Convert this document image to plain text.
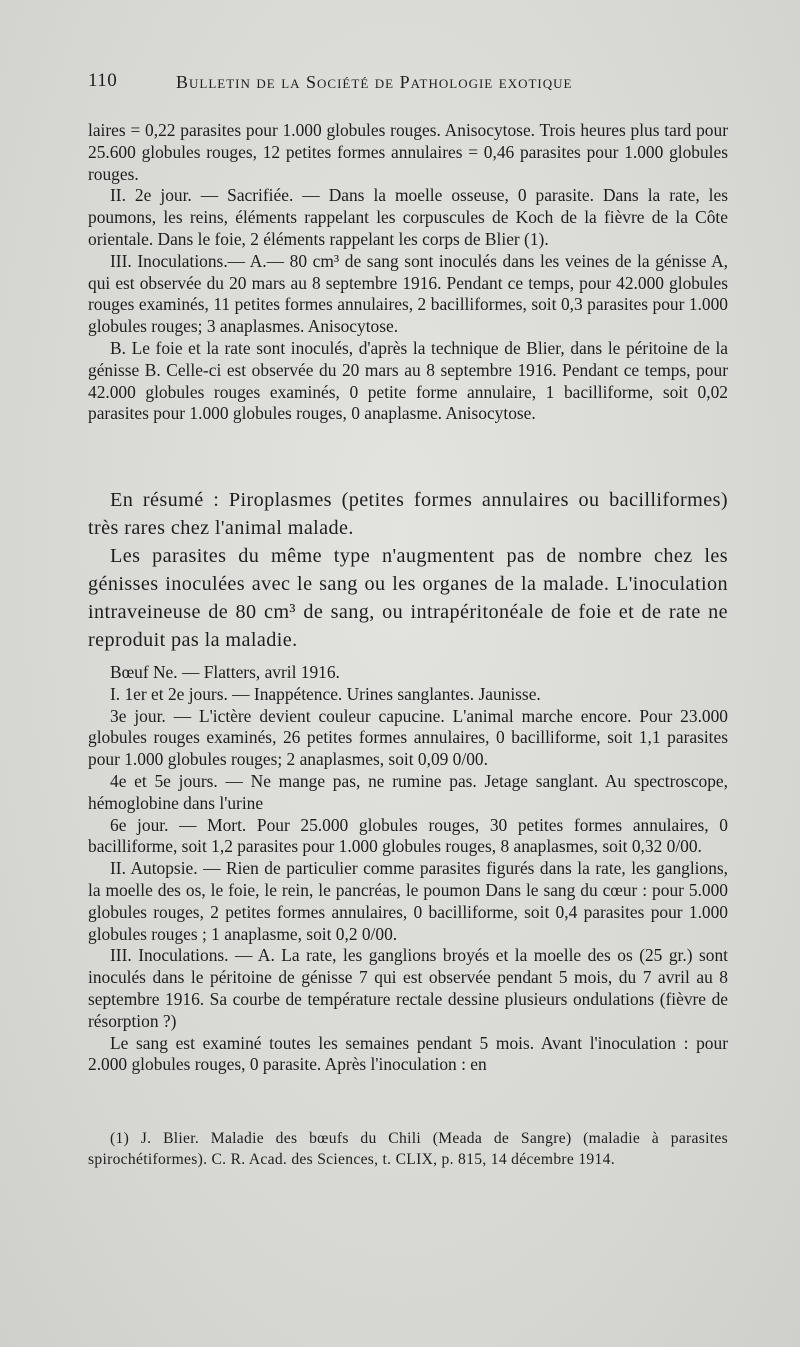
110	Bulletin de la Société de Pathologie exotique

laires = 0,22 parasites pour 1.000 globules rouges. Anisocytose. Trois heures plus tard pour 25.600 globules rouges, 12 petites formes annulaires = 0,46 parasites pour 1.000 globules rouges.

II. 2e jour. — Sacrifiée. — Dans la moelle osseuse, 0 parasite. Dans la rate, les poumons, les reins, éléments rappelant les corpuscules de Koch de la fièvre de la Côte orientale. Dans le foie, 2 éléments rappelant les corps de Blier (1).

III. Inoculations.— A.— 80 cm³ de sang sont inoculés dans les veines de la génisse A, qui est observée du 20 mars au 8 septembre 1916. Pendant ce temps, pour 42.000 globules rouges examinés, 11 petites formes annulaires, 2 bacilliformes, soit 0,3 parasites pour 1.000 globules rouges; 3 anaplasmes. Anisocytose.

B. Le foie et la rate sont inoculés, d'après la technique de Blier, dans le péritoine de la génisse B. Celle-ci est observée du 20 mars au 8 septembre 1916. Pendant ce temps, pour 42.000 globules rouges examinés, 0 petite forme annulaire, 1 bacilliforme, soit 0,02 parasites pour 1.000 globules rouges, 0 anaplasme. Anisocytose.

En résumé : Piroplasmes (petites formes annulaires ou bacilliformes) très rares chez l'animal malade.

Les parasites du même type n'augmentent pas de nombre chez les génisses inoculées avec le sang ou les organes de la malade. L'inoculation intraveineuse de 80 cm³ de sang, ou intrapéritonéale de foie et de rate ne reproduit pas la maladie.

Bœuf Ne. — Flatters, avril 1916.

I. 1er et 2e jours. — Inappétence. Urines sanglantes. Jaunisse.

3e jour. — L'ictère devient couleur capucine. L'animal marche encore. Pour 23.000 globules rouges examinés, 26 petites formes annulaires, 0 bacilliforme, soit 1,1 parasites pour 1.000 globules rouges; 2 anaplasmes, soit 0,09 0/00.

4e et 5e jours. — Ne mange pas, ne rumine pas. Jetage sanglant. Au spectroscope, hémoglobine dans l'urine

6e jour. — Mort. Pour 25.000 globules rouges, 30 petites formes annulaires, 0 bacilliforme, soit 1,2 parasites pour 1.000 globules rouges, 8 anaplasmes, soit 0,32 0/00.

II. Autopsie. — Rien de particulier comme parasites figurés dans la rate, les ganglions, la moelle des os, le foie, le rein, le pancréas, le poumon Dans le sang du cœur : pour 5.000 globules rouges, 2 petites formes annulaires, 0 bacilliforme, soit 0,4 parasites pour 1.000 globules rouges ; 1 anaplasme, soit 0,2 0/00.

III. Inoculations. — A. La rate, les ganglions broyés et la moelle des os (25 gr.) sont inoculés dans le péritoine de génisse 7 qui est observée pendant 5 mois, du 7 avril au 8 septembre 1916. Sa courbe de température rectale dessine plusieurs ondulations (fièvre de résorption ?)

Le sang est examiné toutes les semaines pendant 5 mois. Avant l'inoculation : pour 2.000 globules rouges, 0 parasite. Après l'inoculation : en

(1) J. Blier. Maladie des bœufs du Chili (Meada de Sangre) (maladie à parasites spirochétiformes). C. R. Acad. des Sciences, t. CLIX, p. 815, 14 décembre 1914.
